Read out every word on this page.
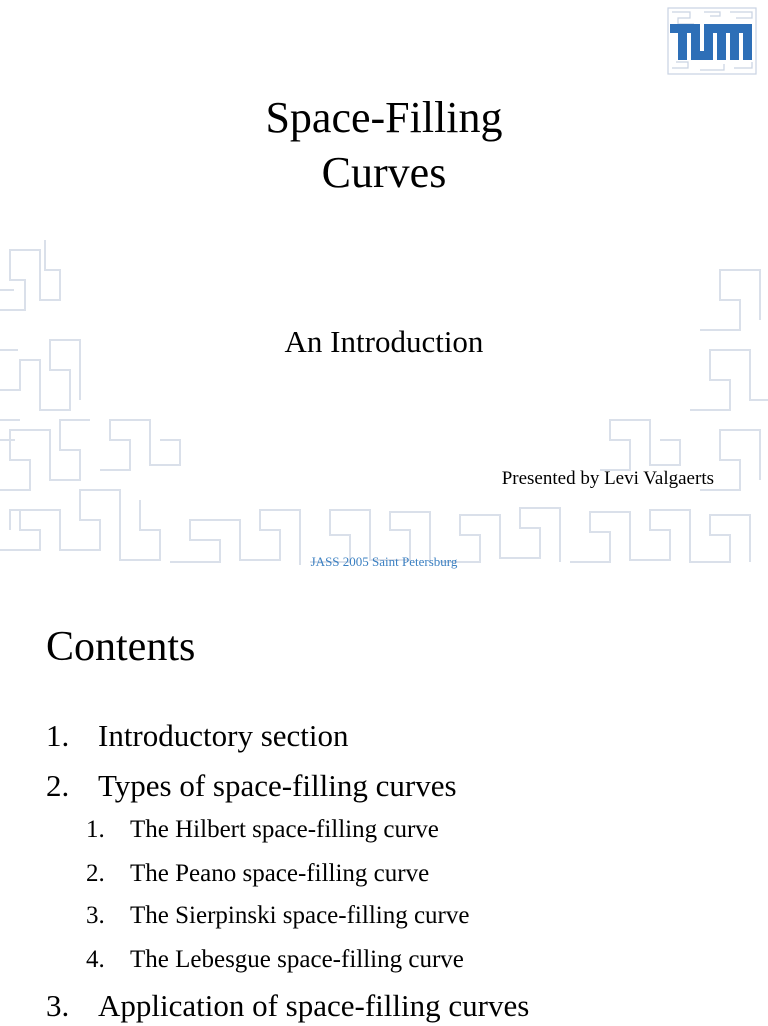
Space-Filling
Curves
An Introduction
Presented by Levi Valgaerts
JASS 2005 Saint Petersburg
Contents
1. Introductory section
2. Types of space-filling curves
1. The Hilbert space-filling curve
2. The Peano space-filling curve
3. The Sierpinski space-filling curve
4. The Lebesgue space-filling curve
3. Application of space-filling curves
